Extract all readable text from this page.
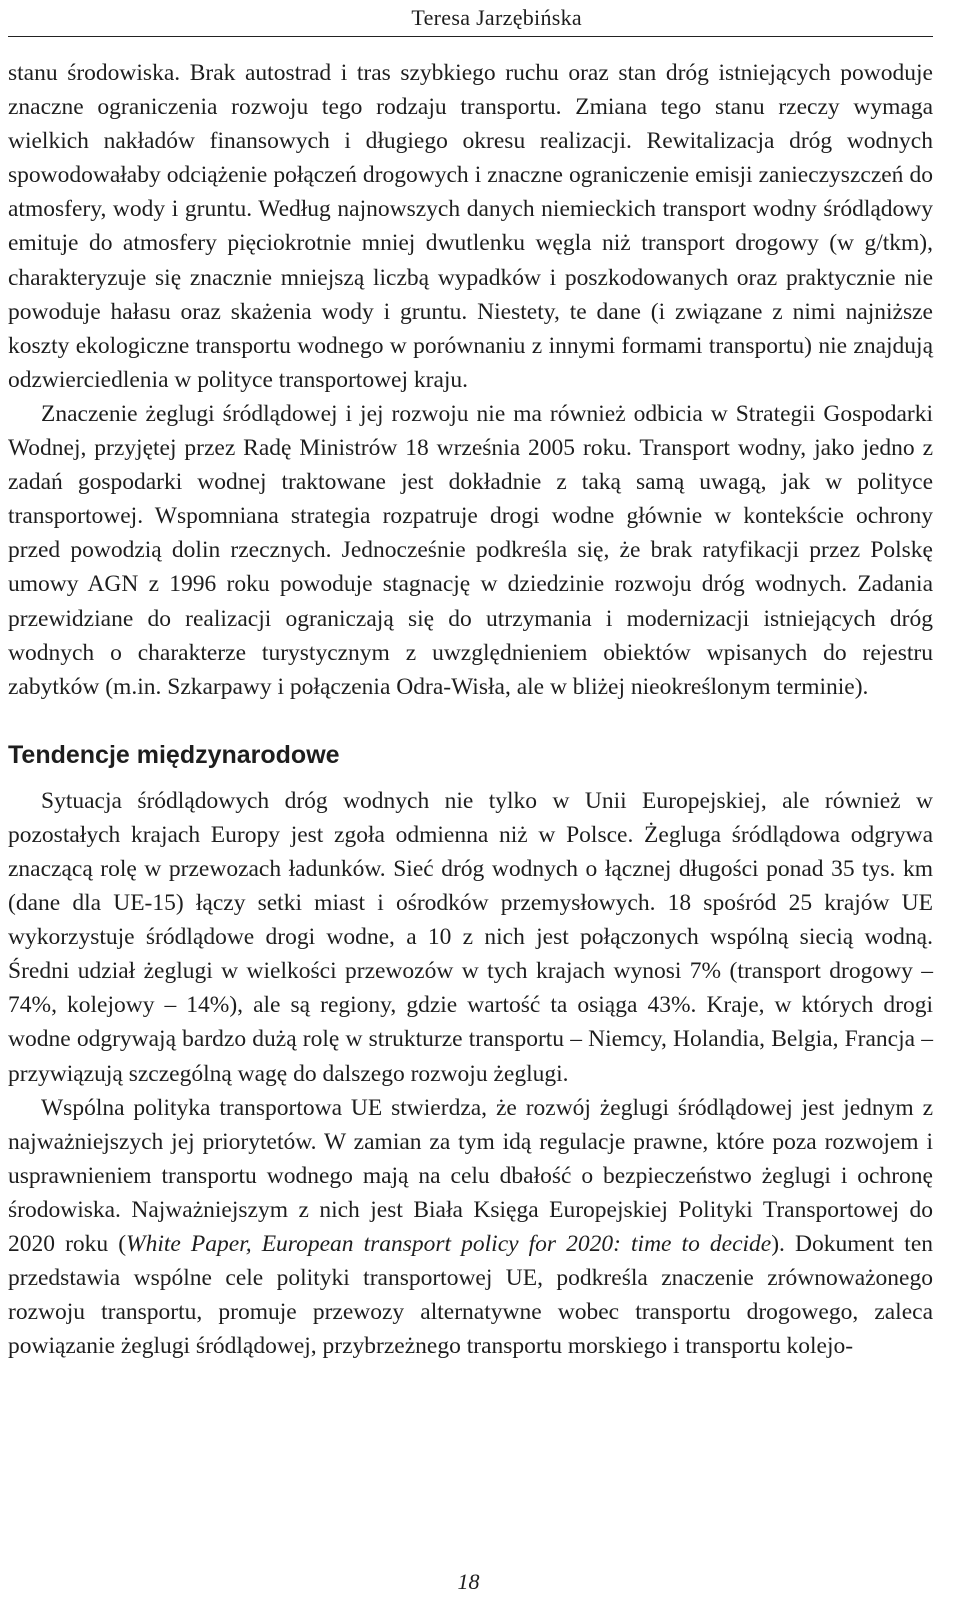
Teresa Jarzębińska

stanu środowiska. Brak autostrad i tras szybkiego ruchu oraz stan dróg istniejących powoduje znaczne ograniczenia rozwoju tego rodzaju transportu. Zmiana tego stanu rzeczy wymaga wielkich nakładów finansowych i długiego okresu realizacji. Rewitalizacja dróg wodnych spowodowałaby odciążenie połączeń drogowych i znaczne ograniczenie emisji zanieczyszczeń do atmosfery, wody i gruntu. Według najnowszych danych niemieckich transport wodny śródlądowy emituje do atmosfery pięciokrotnie mniej dwutlenku węgla niż transport drogowy (w g/tkm), charakteryzuje się znacznie mniejszą liczbą wypadków i poszkodowanych oraz praktycznie nie powoduje hałasu oraz skażenia wody i gruntu. Niestety, te dane (i związane z nimi najniższe koszty ekologiczne transportu wodnego w porównaniu z innymi formami transportu) nie znajdują odzwierciedlenia w polityce transportowej kraju.

Znaczenie żeglugi śródlądowej i jej rozwoju nie ma również odbicia w Strategii Gospodarki Wodnej, przyjętej przez Radę Ministrów 18 września 2005 roku. Transport wodny, jako jedno z zadań gospodarki wodnej traktowane jest dokładnie z taką samą uwagą, jak w polityce transportowej. Wspomniana strategia rozpatruje drogi wodne głównie w kontekście ochrony przed powodzią dolin rzecznych. Jednocześnie podkreśla się, że brak ratyfikacji przez Polskę umowy AGN z 1996 roku powoduje stagnację w dziedzinie rozwoju dróg wodnych. Zadania przewidziane do realizacji ograniczają się do utrzymania i modernizacji istniejących dróg wodnych o charakterze turystycznym z uwzględnieniem obiektów wpisanych do rejestru zabytków (m.in. Szkarpawy i połączenia Odra-Wisła, ale w bliżej nieokreślonym terminie).

Tendencje międzynarodowe

Sytuacja śródlądowych dróg wodnych nie tylko w Unii Europejskiej, ale również w pozostałych krajach Europy jest zgoła odmienna niż w Polsce. Żegluga śródlądowa odgrywa znaczącą rolę w przewozach ładunków. Sieć dróg wodnych o łącznej długości ponad 35 tys. km (dane dla UE-15) łączy setki miast i ośrodków przemysłowych. 18 spośród 25 krajów UE wykorzystuje śródlądowe drogi wodne, a 10 z nich jest połączonych wspólną siecią wodną. Średni udział żeglugi w wielkości przewozów w tych krajach wynosi 7% (transport drogowy – 74%, kolejowy – 14%), ale są regiony, gdzie wartość ta osiąga 43%. Kraje, w których drogi wodne odgrywają bardzo dużą rolę w strukturze transportu – Niemcy, Holandia, Belgia, Francja – przywiązują szczególną wagę do dalszego rozwoju żeglugi.

Wspólna polityka transportowa UE stwierdza, że rozwój żeglugi śródlądowej jest jednym z najważniejszych jej priorytetów. W zamian za tym idą regulacje prawne, które poza rozwojem i usprawnieniem transportu wodnego mają na celu dbałość o bezpieczeństwo żeglugi i ochronę środowiska. Najważniejszym z nich jest Biała Księga Europejskiej Polityki Transportowej do 2020 roku (White Paper, European transport policy for 2020: time to decide). Dokument ten przedstawia wspólne cele polityki transportowej UE, podkreśla znaczenie zrównoważonego rozwoju transportu, promuje przewozy alternatywne wobec transportu drogowego, zaleca powiązanie żeglugi śródlądowej, przybrzeżnego transportu morskiego i transportu kolejo-

18
